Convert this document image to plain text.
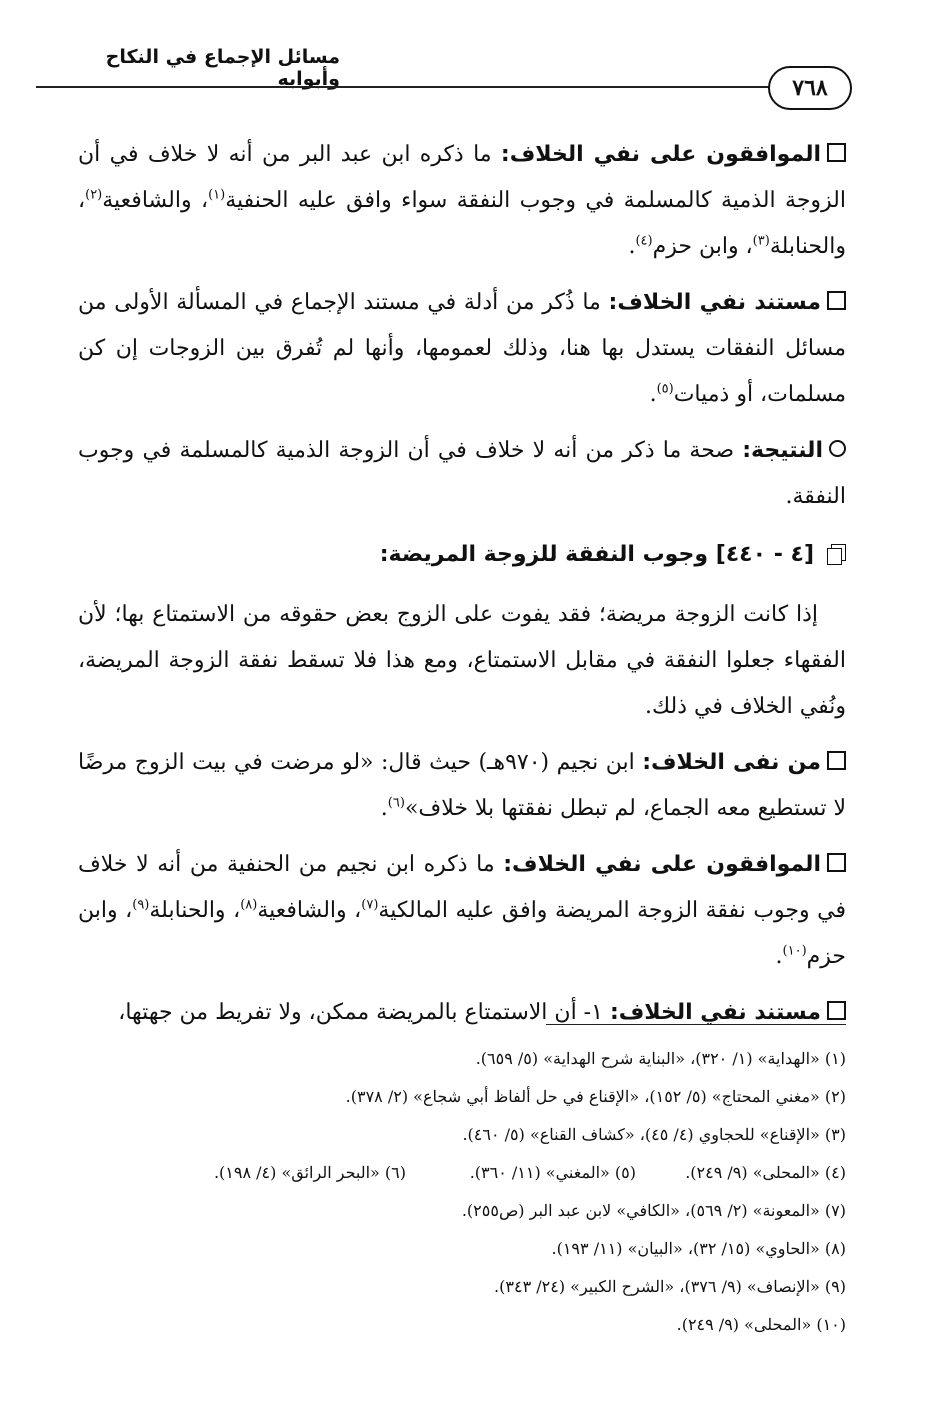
مسائل الإجماع في النكاح وأبوابه	٧٦٨

الموافقون على نفي الخلاف: ما ذكره ابن عبد البر من أنه لا خلاف في أن الزوجة الذمية كالمسلمة في وجوب النفقة سواء وافق عليه الحنفية$^{(١)}$، والشافعية$^{(٢)}$، والحنابلة$^{(٣)}$، وابن حزم$^{(٤)}$.

مستند نفي الخلاف: ما ذُكر من أدلة في مستند الإجماع في المسألة الأولى من مسائل النفقات يستدل بها هنا، وذلك لعمومها، وأنها لم تُفرق بين الزوجات إن كن مسلمات، أو ذميات$^{(٥)}$.

النتيجة: صحة ما ذكر من أنه لا خلاف في أن الزوجة الذمية كالمسلمة في وجوب النفقة.

[٤ - ٤٤٠] وجوب النفقة للزوجة المريضة:

إذا كانت الزوجة مريضة؛ فقد يفوت على الزوج بعض حقوقه من الاستمتاع بها؛ لأن الفقهاء جعلوا النفقة في مقابل الاستمتاع، ومع هذا فلا تسقط نفقة الزوجة المريضة، ونُفي الخلاف في ذلك.

من نفى الخلاف: ابن نجيم (٩٧٠هـ) حيث قال: «لو مرضت في بيت الزوج مرضًا لا تستطيع معه الجماع، لم تبطل نفقتها بلا خلاف»$^{(٦)}$.

الموافقون على نفي الخلاف: ما ذكره ابن نجيم من الحنفية من أنه لا خلاف في وجوب نفقة الزوجة المريضة وافق عليه المالكية$^{(٧)}$، والشافعية$^{(٨)}$، والحنابلة$^{(٩)}$، وابن حزم$^{(١٠)}$.

مستند نفي الخلاف: ١- أن الاستمتاع بالمريضة ممكن، ولا تفريط من جهتها،

(١) «الهداية» (١/ ٣٢٠)، «البناية شرح الهداية» (٥/ ٦٥٩).
(٢) «مغني المحتاج» (٥/ ١٥٢)، «الإقناع في حل ألفاظ أبي شجاع» (٢/ ٣٧٨).
(٣) «الإقناع» للحجاوي (٤/ ٤٥)، «كشاف القناع» (٥/ ٤٦٠).
(٤) «المحلى» (٩/ ٢٤٩).
(٥) «المغني» (١١/ ٣٦٠).
(٦) «البحر الرائق» (٤/ ١٩٨).
(٧) «المعونة» (٢/ ٥٦٩)، «الكافي» لابن عبد البر (ص٢٥٥).
(٨) «الحاوي» (١٥/ ٣٢)، «البيان» (١١/ ١٩٣).
(٩) «الإنصاف» (٩/ ٣٧٦)، «الشرح الكبير» (٢٤/ ٣٤٣).
(١٠) «المحلى» (٩/ ٢٤٩).
